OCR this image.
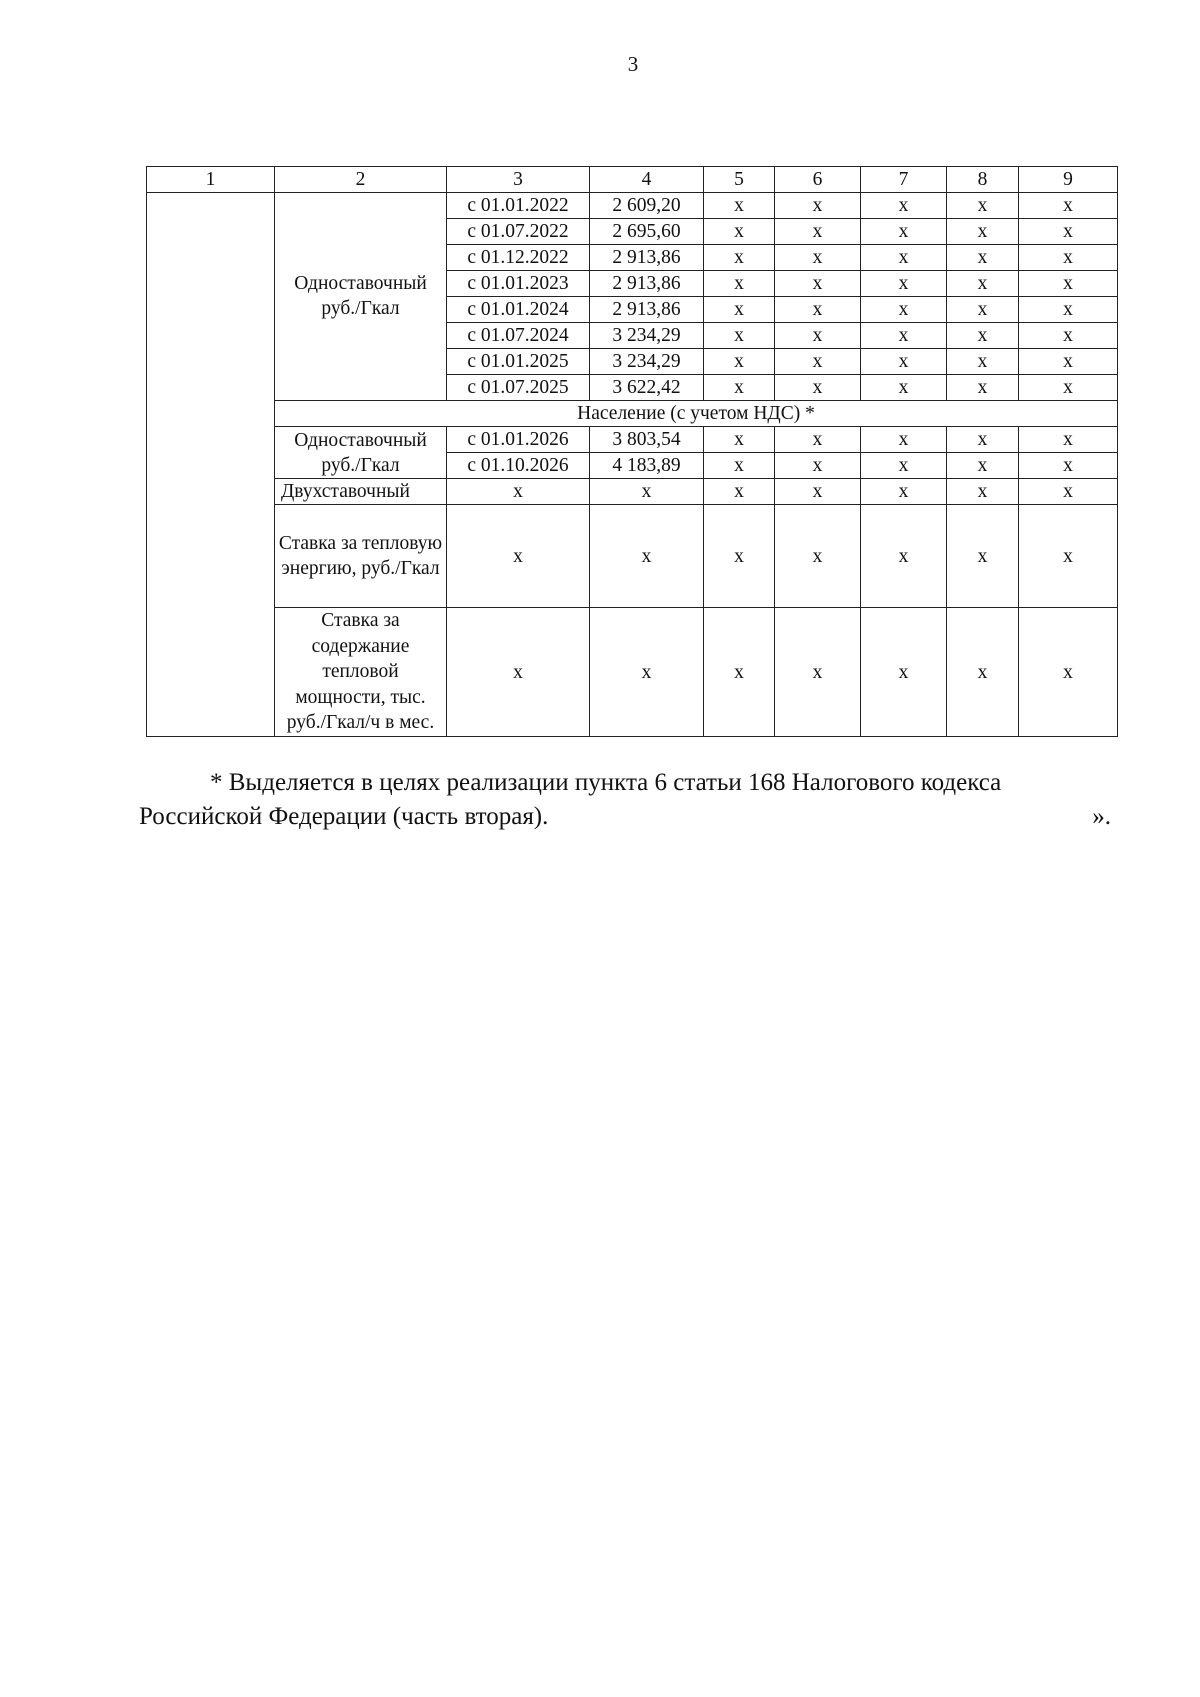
3
1	2	3	4	5	6	7	8	9
	Одноставочный руб./Гкал	с 01.01.2022	2 609,20	x	x	x	x	x
		с 01.07.2022	2 695,60	x	x	x	x	x
		с 01.12.2022	2 913,86	x	x	x	x	x
		с 01.01.2023	2 913,86	x	x	x	x	x
		с 01.01.2024	2 913,86	x	x	x	x	x
		с 01.07.2024	3 234,29	x	x	x	x	x
		с 01.01.2025	3 234,29	x	x	x	x	x
		с 01.07.2025	3 622,42	x	x	x	x	x
	Население (с учетом НДС) *							
	Одноставочный руб./Гкал	с 01.01.2026	3 803,54	x	x	x	x	x
		с 01.10.2026	4 183,89	x	x	x	x	x
	Двухставочный	x	x	x	x	x	x	x
	Ставка за тепловую энергию, руб./Гкал	x	x	x	x	x	x	x
	Ставка за содержание тепловой мощности, тыс. руб./Гкал/ч в мес.	x	x	x	x	x	x	x

* Выделяется в целях реализации пункта 6 статьи 168 Налогового кодекса

Российской Федерации (часть вторая).	».
